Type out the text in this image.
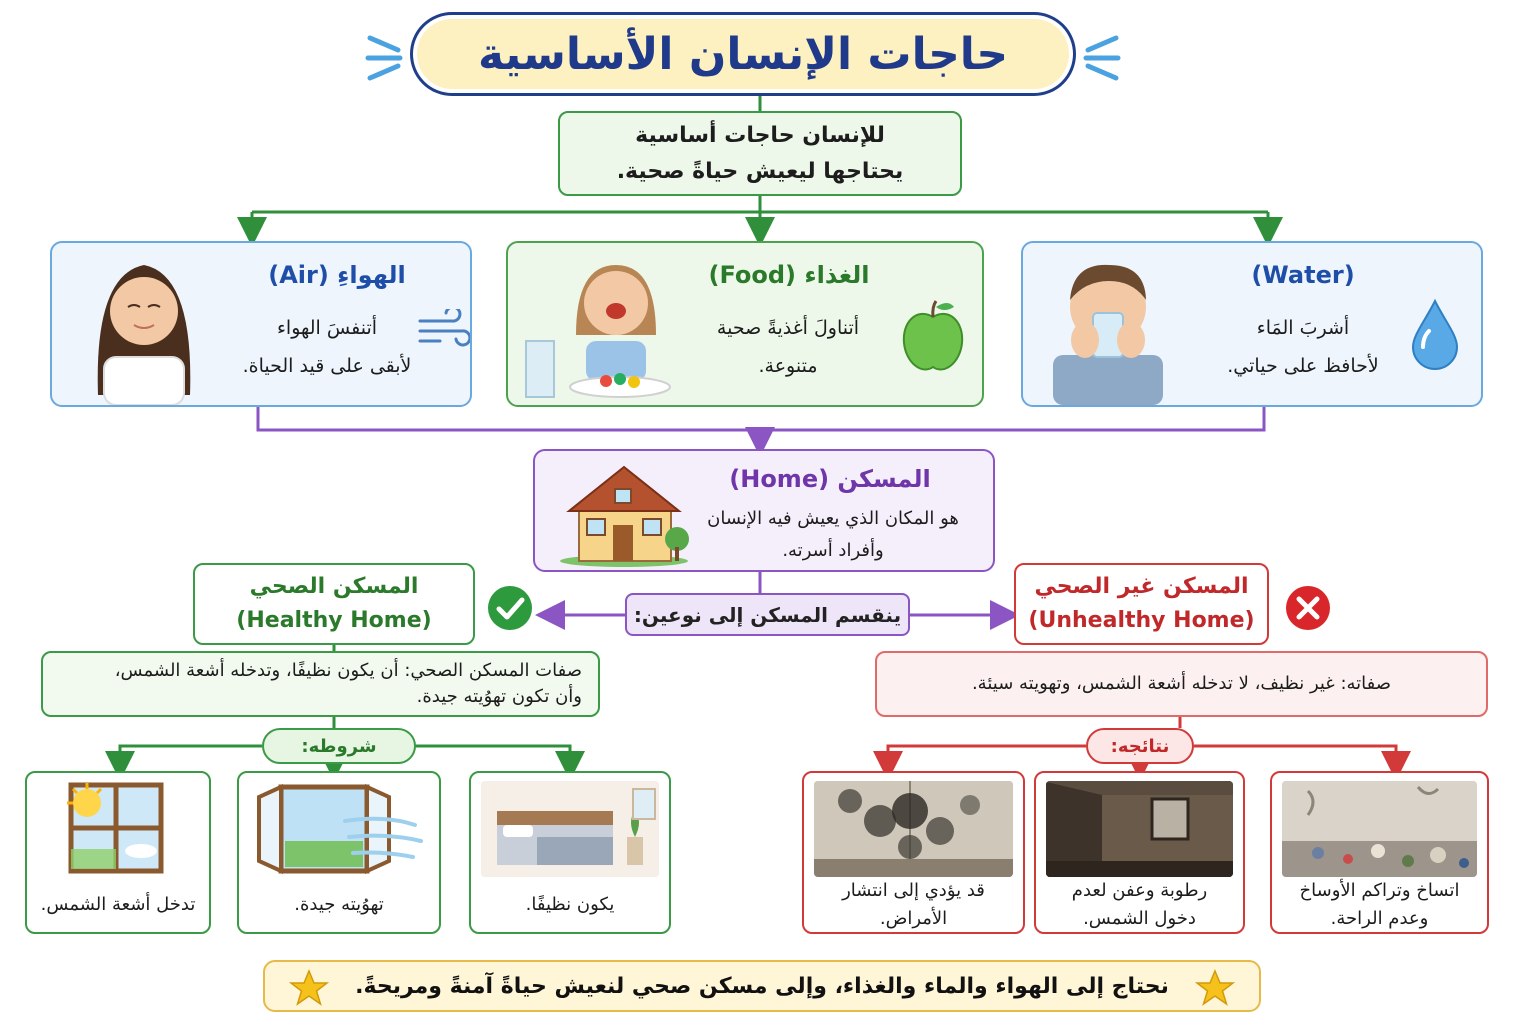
حاجات الإنسان الأساسية
للإنسان حاجات أساسية
يحتاجها ليعيش حياةً صحية.
(Water)
أشربَ المَاء
لأحافظ على حياتي.
الغذاء (Food)
أتناولَ أغذيةً صحية
متنوعة.
الهواءِ (Air)
أتنفسَ الهواء
لأبقى على قيد الحياة.
المسكن (Home)
هو المكان الذي يعيش فيه الإنسان
وأفراد أسرته.
ينقسم المسكن إلى نوعين:
المسكن الصحي
(Healthy Home)
المسكن غير الصحي
(Unhealthy Home)
صفات المسكن الصحي: أن يكون نظيفًا، وتدخله أشعة الشمس،
وأن تكون تهوُيته جيدة.
صفاته: غير نظيف، لا تدخله أشعة الشمس، وتهويته سيئة.
شروطه:	نتائجه:
يكون نظيفًا.
تهوُيته جيدة.
تدخل أشعة الشمس.
اتساخ وتراكم الأوساخ
وعدم الراحة.
رطوبة وعفن لعدم
دخول الشمس.
قد يؤدي إلى انتشار
الأمراض.
نحتاج إلى الهواء والماء والغذاء، وإلى مسكن صحي لنعيش حياةً آمنةً ومريحةً.
